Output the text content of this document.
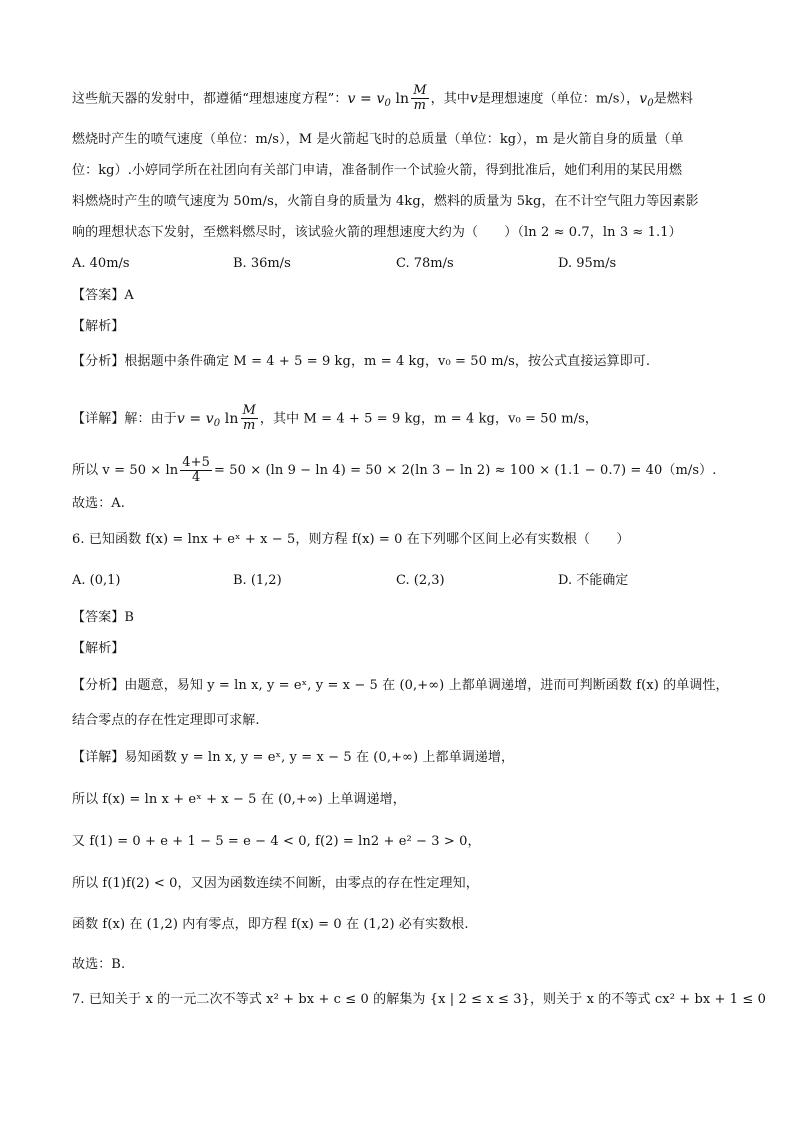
这些航天器的发射中，都遵循“理想速度方程”：$v = v_0$ $\ln \frac{M}{m}$ ，其中v是理想速度（单位：m/s），$v_0$是燃料
燃烧时产生的喷气速度（单位：m/s），M 是火箭起飞时的总质量（单位：kg），m 是火箭自身的质量（单
位：kg）.小婷同学所在社团向有关部门申请，准备制作一个试验火箭，得到批准后，她们利用的某民用燃
料燃烧时产生的喷气速度为 50m/s，火箭自身的质量为 4kg，燃料的质量为 5kg，在不计空气阻力等因素影
响的理想状态下发射，至燃料燃尽时，该试验火箭的理想速度大约为（　　）（ln 2 ≈ 0.7，ln 3 ≈ 1.1）
A. 40m/s	B. 36m/s	C. 78m/s	D. 95m/s
【答案】A
【解析】
【分析】根据题中条件确定 M = 4 + 5 = 9 kg，m = 4 kg，v₀ = 50 m/s，按公式直接运算即可.
【详解】解：由于$v = v_0$ $\ln \frac{M}{m}$ ，其中 M = 4 + 5 = 9 kg，m = 4 kg，v₀ = 50 m/s，
所以 $v = 50 \times \ln \frac{4+5}{4} = 50 \times (\ln$ 9 − ln 4) = 50 × 2(ln 3 − ln 2) ≈ 100 × (1.1 − 0.7) = 40（m/s）.
故选：A.
6. 已知函数 f(x) = lnx + eˣ + x − 5，则方程 f(x) = 0 在下列哪个区间上必有实数根（　　）
A. (0,1)	B. (1,2)	C. (2,3)	D. 不能确定
【答案】B
【解析】
【分析】由题意，易知 y = ln x, y = eˣ, y = x − 5 在 (0,+∞) 上都单调递增，进而可判断函数 f(x) 的单调性，
结合零点的存在性定理即可求解.
【详解】易知函数 y = ln x, y = eˣ, y = x − 5 在 (0,+∞) 上都单调递增，
所以 f(x) = ln x + eˣ + x − 5 在 (0,+∞) 上单调递增，
又 f(1) = 0 + e + 1 − 5 = e − 4 < 0, f(2) = ln2 + e² − 3 > 0，
所以 f(1)f(2) < 0，又因为函数连续不间断，由零点的存在性定理知，
函数 f(x) 在 (1,2) 内有零点，即方程 f(x) = 0 在 (1,2) 必有实数根.
故选：B.
7. 已知关于 x 的一元二次不等式 x² + bx + c ≤ 0 的解集为 {x | 2 ≤ x ≤ 3}，则关于 x 的不等式 cx² + bx + 1 ≤ 0
